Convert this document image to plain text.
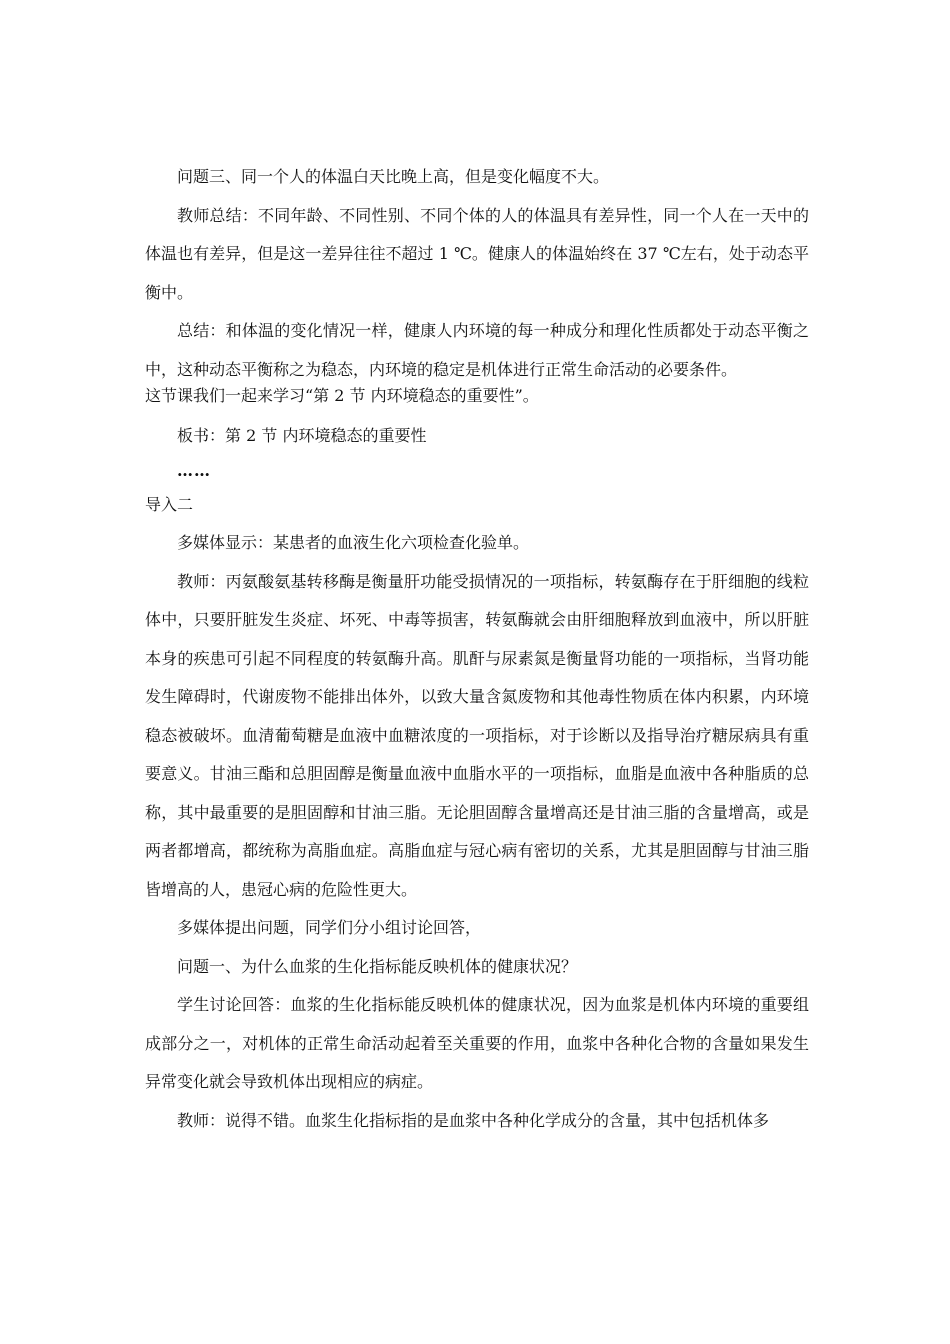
问题三、同一个人的体温白天比晚上高，但是变化幅度不大。

教师总结：不同年龄、不同性别、不同个体的人的体温具有差异性，同一个人在一天中的体温也有差异，但是这一差异往往不超过 1 ℃。健康人的体温始终在 37 ℃左右，处于动态平衡中。

总结：和体温的变化情况一样，健康人内环境的每一种成分和理化性质都处于动态平衡之中，这种动态平衡称之为稳态，内环境的稳定是机体进行正常生命活动的必要条件。

这节课我们一起来学习“第 2 节 内环境稳态的重要性”。

板书：第 2 节 内环境稳态的重要性

……

导入二

多媒体显示：某患者的血液生化六项检查化验单。

教师：丙氨酸氨基转移酶是衡量肝功能受损情况的一项指标，转氨酶存在于肝细胞的线粒体中，只要肝脏发生炎症、坏死、中毒等损害，转氨酶就会由肝细胞释放到血液中，所以肝脏本身的疾患可引起不同程度的转氨酶升高。肌酐与尿素氮是衡量肾功能的一项指标，当肾功能发生障碍时，代谢废物不能排出体外，以致大量含氮废物和其他毒性物质在体内积累，内环境稳态被破坏。血清葡萄糖是血液中血糖浓度的一项指标，对于诊断以及指导治疗糖尿病具有重要意义。甘油三酯和总胆固醇是衡量血液中血脂水平的一项指标，血脂是血液中各种脂质的总称，其中最重要的是胆固醇和甘油三脂。无论胆固醇含量增高还是甘油三脂的含量增高，或是两者都增高，都统称为高脂血症。高脂血症与冠心病有密切的关系，尤其是胆固醇与甘油三脂皆增高的人，患冠心病的危险性更大。

多媒体提出问题，同学们分小组讨论回答，

问题一、为什么血浆的生化指标能反映机体的健康状况？

学生讨论回答：血浆的生化指标能反映机体的健康状况，因为血浆是机体内环境的重要组成部分之一，对机体的正常生命活动起着至关重要的作用，血浆中各种化合物的含量如果发生异常变化就会导致机体出现相应的病症。

教师：说得不错。血浆生化指标指的是血浆中各种化学成分的含量，其中包括机体多
